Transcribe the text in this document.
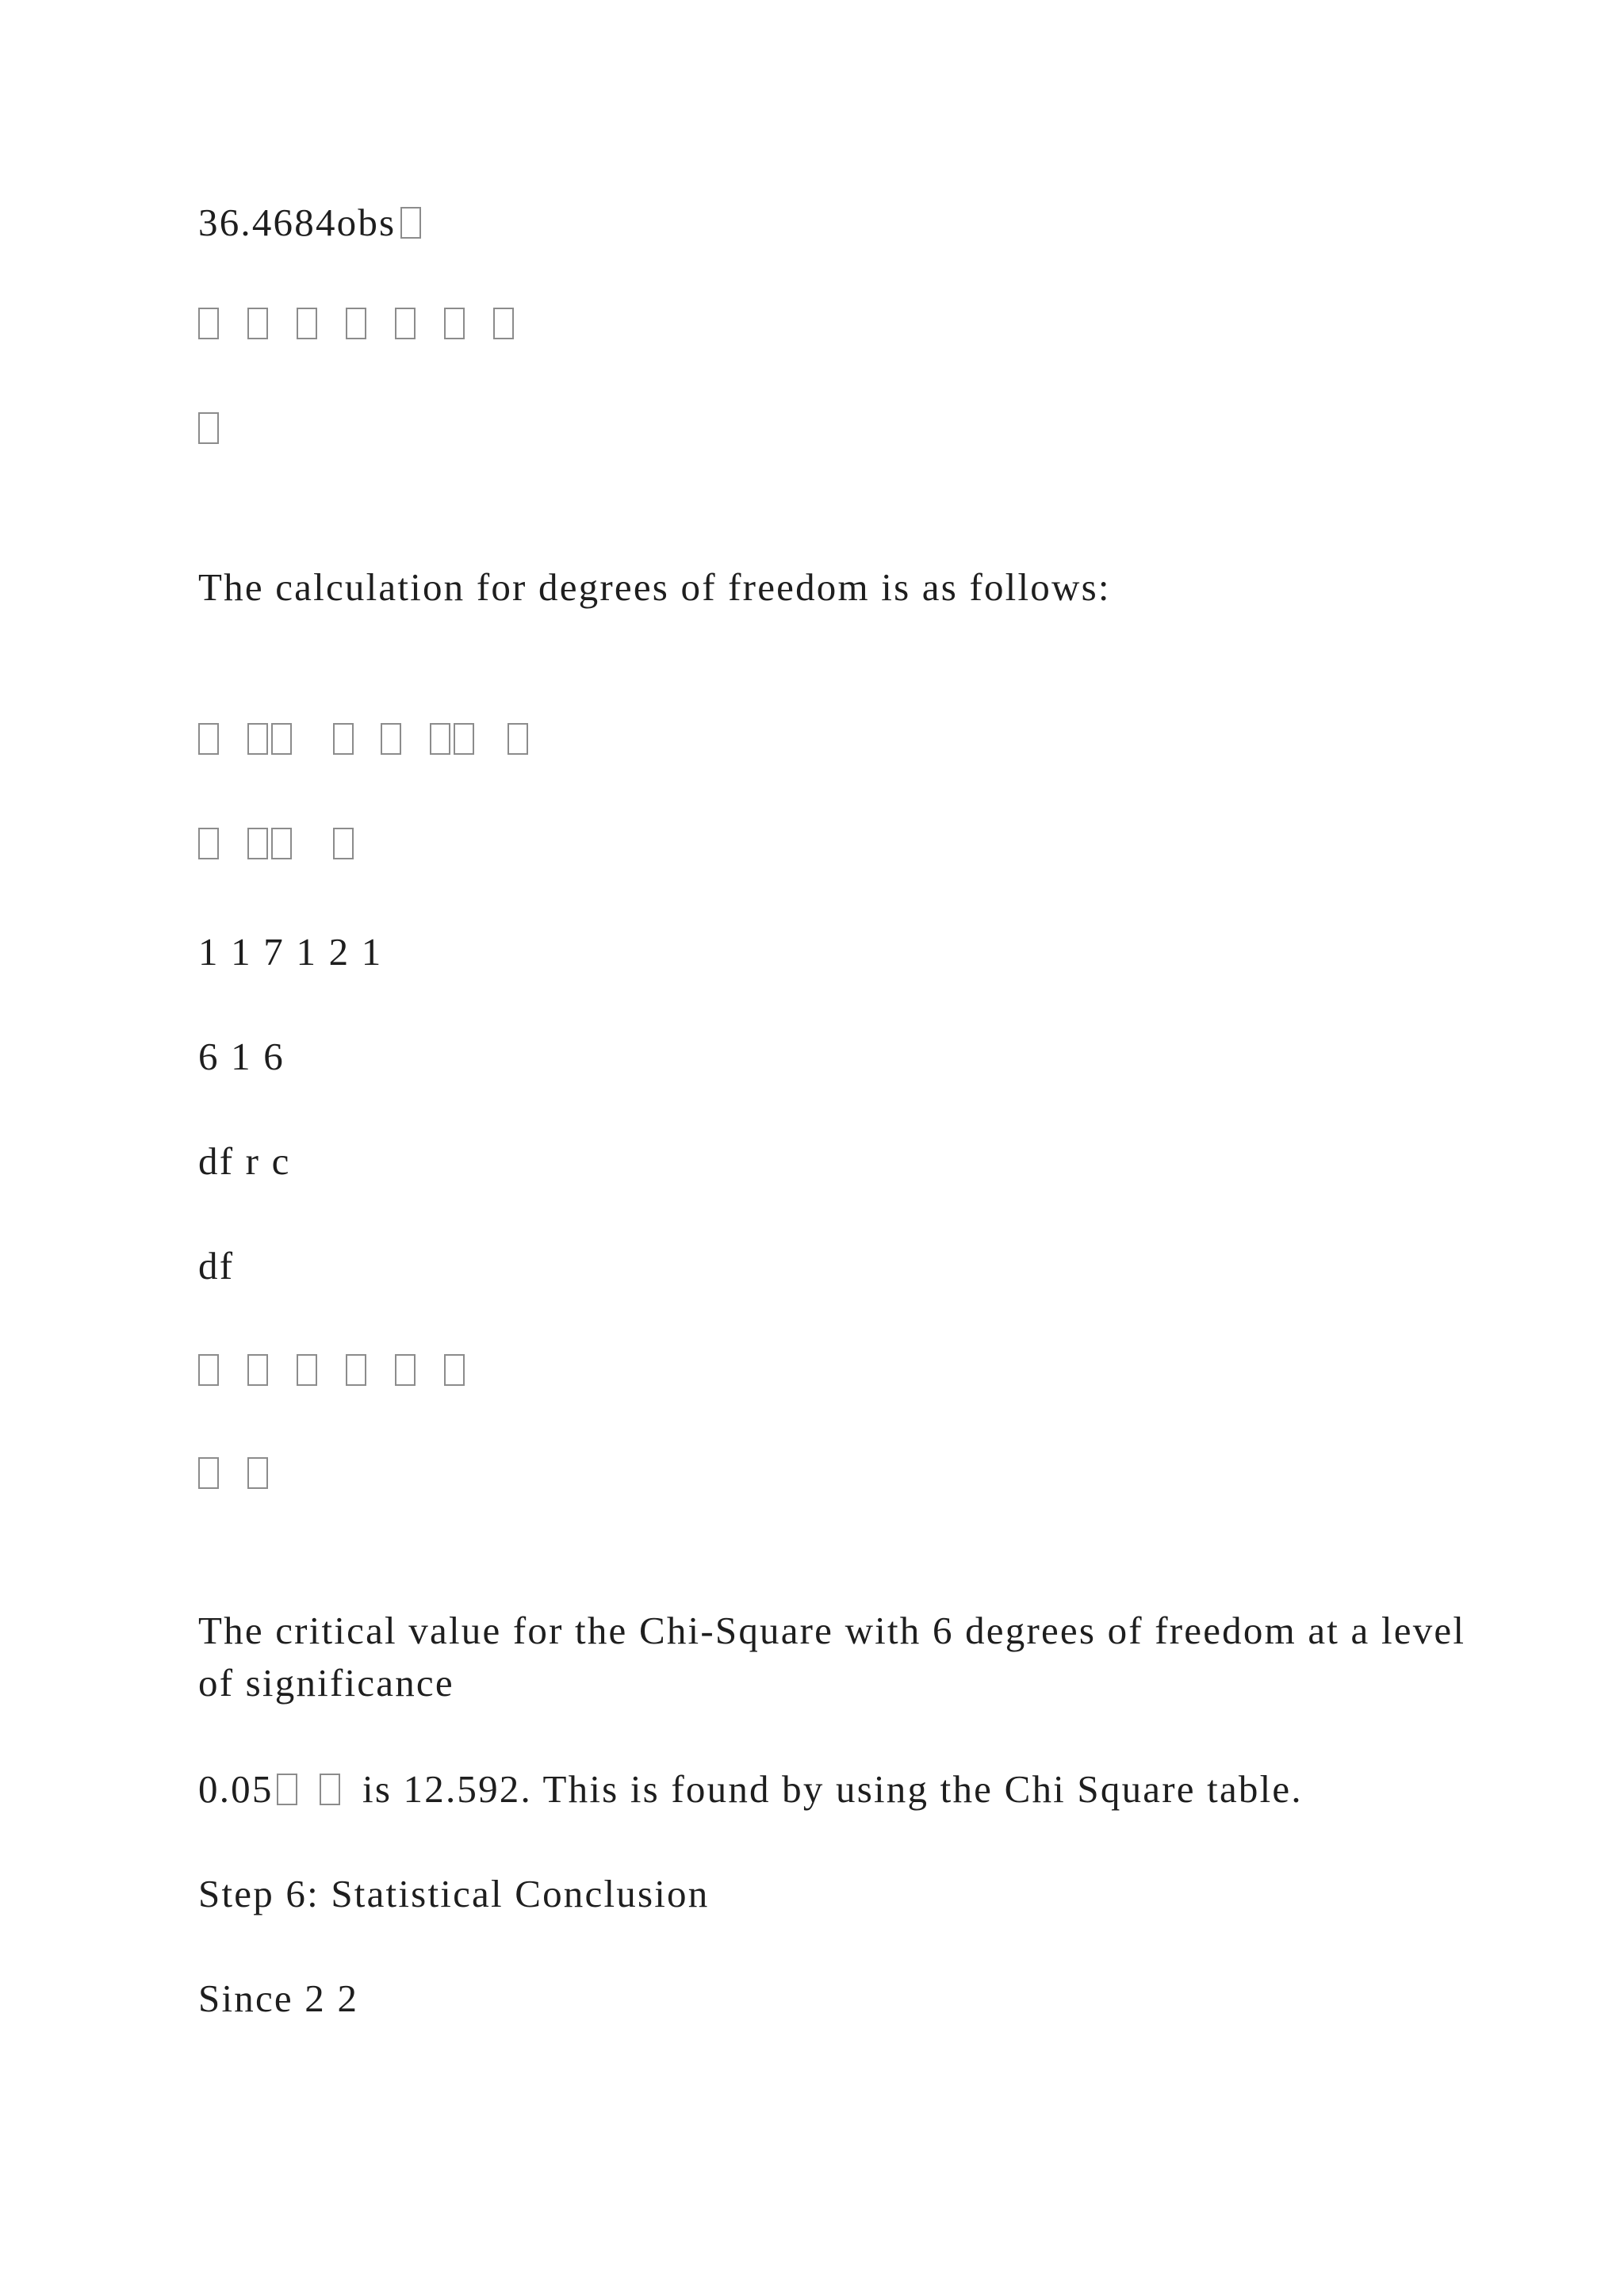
36.4684obs

The calculation for degrees of freedom is as follows:

1 1 7 1 2 1

6 1 6

df r c

df

The critical value for the Chi-Square with 6 degrees of freedom at a level of significance

0.05 is 12.592. This is found by using the Chi Square table.

Step 6: Statistical Conclusion

Since 2 2
